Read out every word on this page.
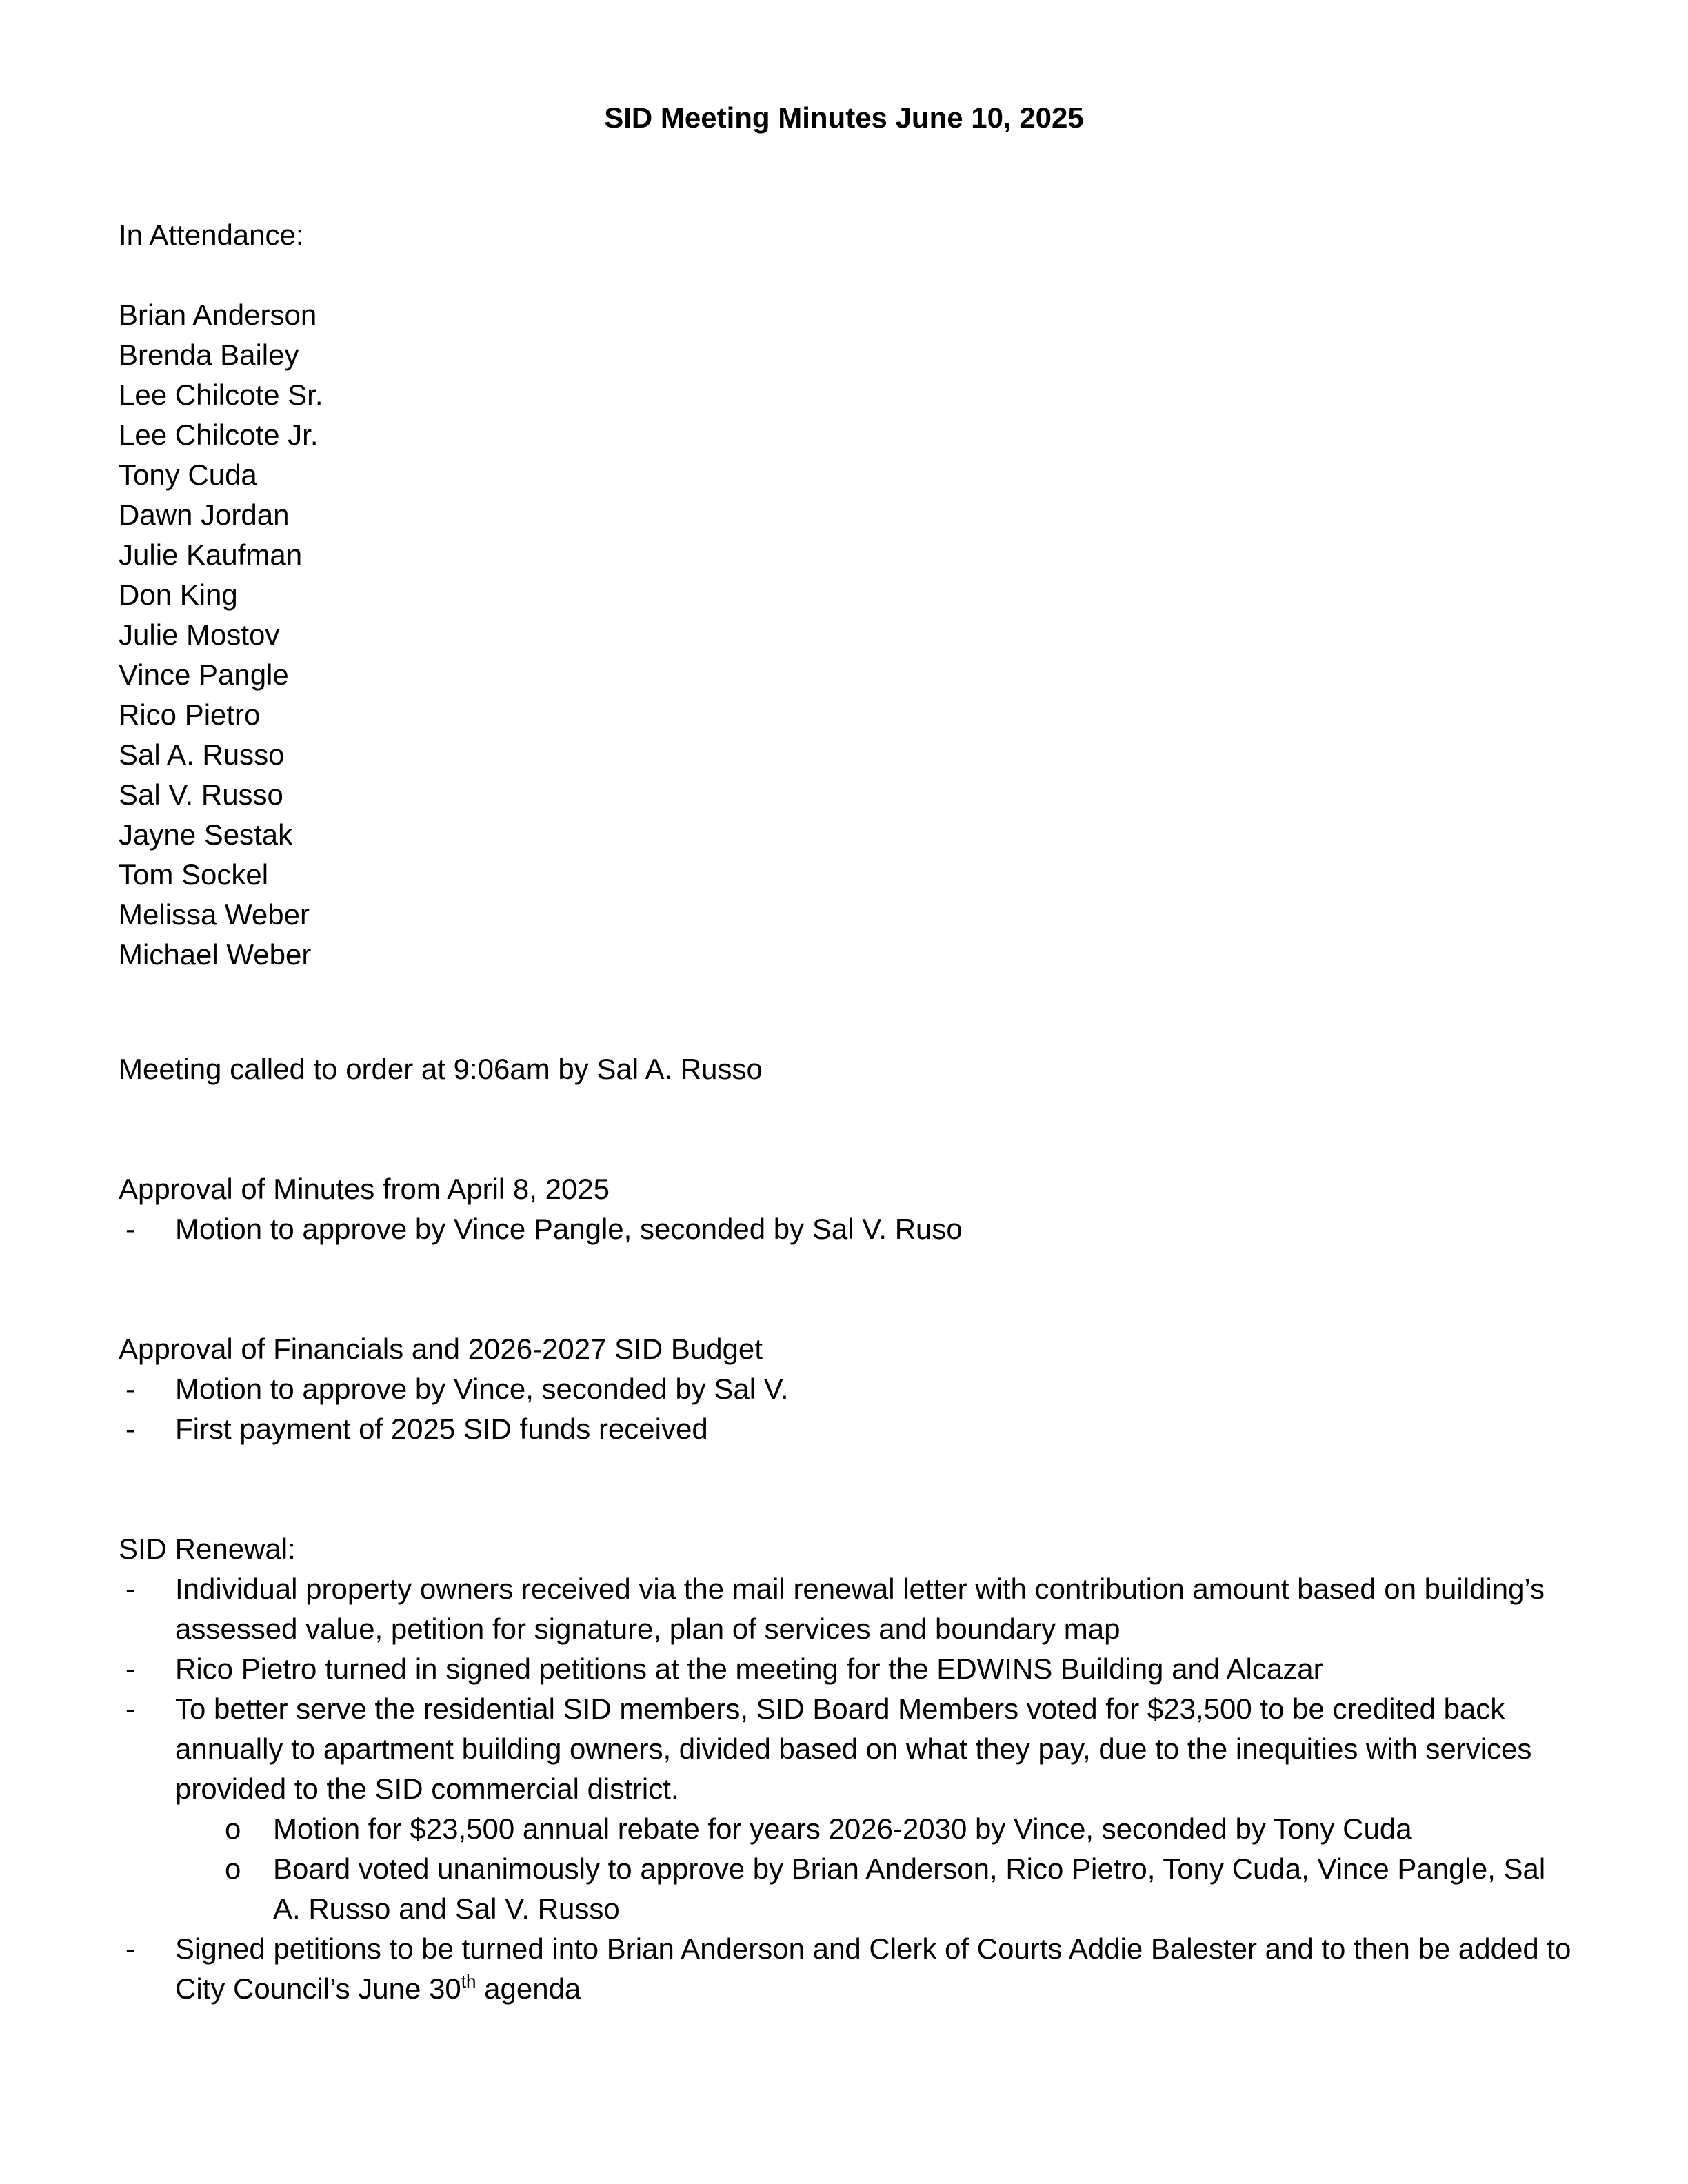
SID Meeting Minutes June 10, 2025
In Attendance:
Brian Anderson
Brenda Bailey
Lee Chilcote Sr.
Lee Chilcote Jr.
Tony Cuda
Dawn Jordan
Julie Kaufman
Don King
Julie Mostov
Vince Pangle
Rico Pietro
Sal A. Russo
Sal V. Russo
Jayne Sestak
Tom Sockel
Melissa Weber
Michael Weber
Meeting called to order at 9:06am by Sal A. Russo
Approval of Minutes from April 8, 2025
- Motion to approve by Vince Pangle, seconded by Sal V. Ruso
Approval of Financials and 2026-2027 SID Budget
- Motion to approve by Vince, seconded by Sal V.
- First payment of 2025 SID funds received
SID Renewal:
- Individual property owners received via the mail renewal letter with contribution amount based on building’s assessed value, petition for signature, plan of services and boundary map
- Rico Pietro turned in signed petitions at the meeting for the EDWINS Building and Alcazar
- To better serve the residential SID members, SID Board Members voted for $23,500 to be credited back annually to apartment building owners, divided based on what they pay, due to the inequities with services provided to the SID commercial district.
o Motion for $23,500 annual rebate for years 2026-2030 by Vince, seconded by Tony Cuda
o Board voted unanimously to approve by Brian Anderson, Rico Pietro, Tony Cuda, Vince Pangle, Sal A. Russo and Sal V. Russo
- Signed petitions to be turned into Brian Anderson and Clerk of Courts Addie Balester and to then be added to City Council’s June 30th agenda
